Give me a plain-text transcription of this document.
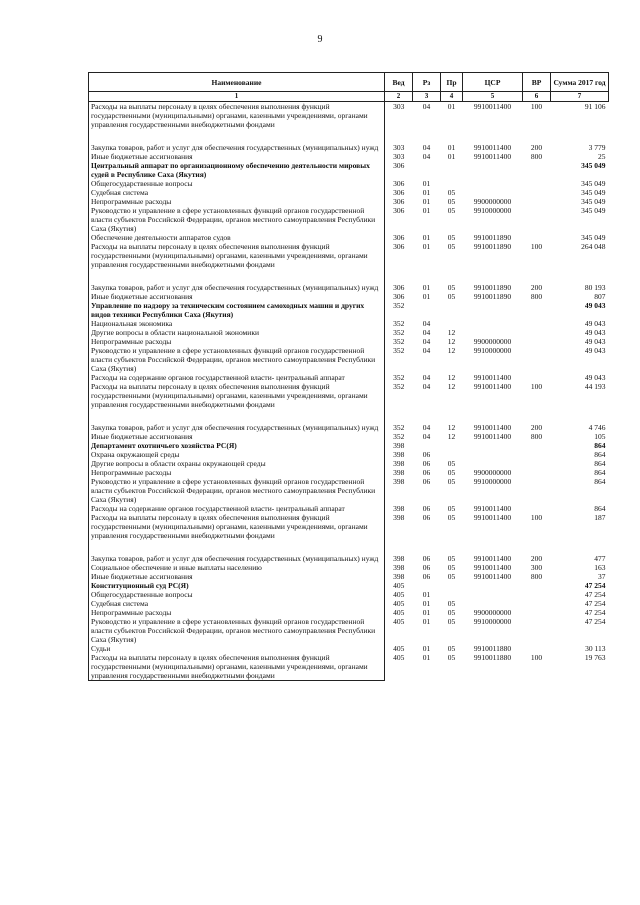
9
Наименование	Вед	Рз	Пр	ЦСР	ВР	Сумма 2017 год
1	2	3	4	5	6	7
Расходы на выплаты персоналу в целях обеспечения выполнения функций государственными (муниципальными) органами, казенными учреждениями, органами управления государственными внебюджетными фондами	303	04	01	9910011400	100	91 106

Закупка товаров, работ и услуг для обеспечения государственных (муниципальных) нужд	303	04	01	9910011400	200	3 779
Иные бюджетные ассигнования	303	04	01	9910011400	800	25
Центральный аппарат по организационному обеспечению деятельности мировых судей в Республике Саха (Якутия)	306					345 049
Общегосударственные вопросы	306	01				345 049
Судебная система	306	01	05			345 049
Непрограммные расходы	306	01	05	9900000000		345 049
Руководство и управление в сфере установленных функций органов государственной власти субъектов Российской Федерации, органов местного самоуправления Республики Саха (Якутия)	306	01	05	9910000000		345 049
Обеспечение деятельности аппаратов судов	306	01	05	9910011890		345 049
Расходы на выплаты персоналу в целях обеспечения выполнения функций государственными (муниципальными) органами, казенными учреждениями, органами управления государственными внебюджетными фондами	306	01	05	9910011890	100	264 048

Закупка товаров, работ и услуг для обеспечения государственных (муниципальных) нужд	306	01	05	9910011890	200	80 193
Иные бюджетные ассигнования	306	01	05	9910011890	800	807
Управление по надзору за техническим состоянием самоходных машин и других видов техники Республики Саха (Якутия)	352					49 043
Национальная экономика	352	04				49 043
Другие вопросы в области национальной экономики	352	04	12			49 043
Непрограммные расходы	352	04	12	9900000000		49 043
Руководство и управление в сфере установленных функций органов государственной власти субъектов Российской Федерации, органов местного самоуправления Республики Саха (Якутия)	352	04	12	9910000000		49 043
Расходы на содержание органов государственной власти- центральный аппарат	352	04	12	9910011400		49 043
Расходы на выплаты персоналу в целях обеспечения выполнения функций государственными (муниципальными) органами, казенными учреждениями, органами управления государственными внебюджетными фондами	352	04	12	9910011400	100	44 193

Закупка товаров, работ и услуг для обеспечения государственных (муниципальных) нужд	352	04	12	9910011400	200	4 746
Иные бюджетные ассигнования	352	04	12	9910011400	800	105
Департамент охотничьего хозяйства РС(Я)	398					864
Охрана окружающей среды	398	06				864
Другие вопросы в области охраны окружающей среды	398	06	05			864
Непрограммные расходы	398	06	05	9900000000		864
Руководство и управление в сфере установленных функций органов государственной власти субъектов Российской Федерации, органов местного самоуправления Республики Саха (Якутия)	398	06	05	9910000000		864
Расходы на содержание органов государственной власти- центральный аппарат	398	06	05	9910011400		864
Расходы на выплаты персоналу в целях обеспечения выполнения функций государственными (муниципальными) органами, казенными учреждениями, органами управления государственными внебюджетными фондами	398	06	05	9910011400	100	187

Закупка товаров, работ и услуг для обеспечения государственных (муниципальных) нужд	398	06	05	9910011400	200	477
Социальное обеспечение и иные выплаты населению	398	06	05	9910011400	300	163
Иные бюджетные ассигнования	398	06	05	9910011400	800	37
Конституционный суд РС(Я)	405					47 254
Общегосударственные вопросы	405	01				47 254
Судебная система	405	01	05			47 254
Непрограммные расходы	405	01	05	9900000000		47 254
Руководство и управление в сфере установленных функций органов государственной власти субъектов Российской Федерации, органов местного самоуправления Республики Саха (Якутия)	405	01	05	9910000000		47 254
Судьи	405	01	05	9910011880		30 113
Расходы на выплаты персоналу в целях обеспечения выполнения функций государственными (муниципальными) органами, казенными учреждениями, органами управления государственными внебюджетными фондами	405	01	05	9910011880	100	19 763
